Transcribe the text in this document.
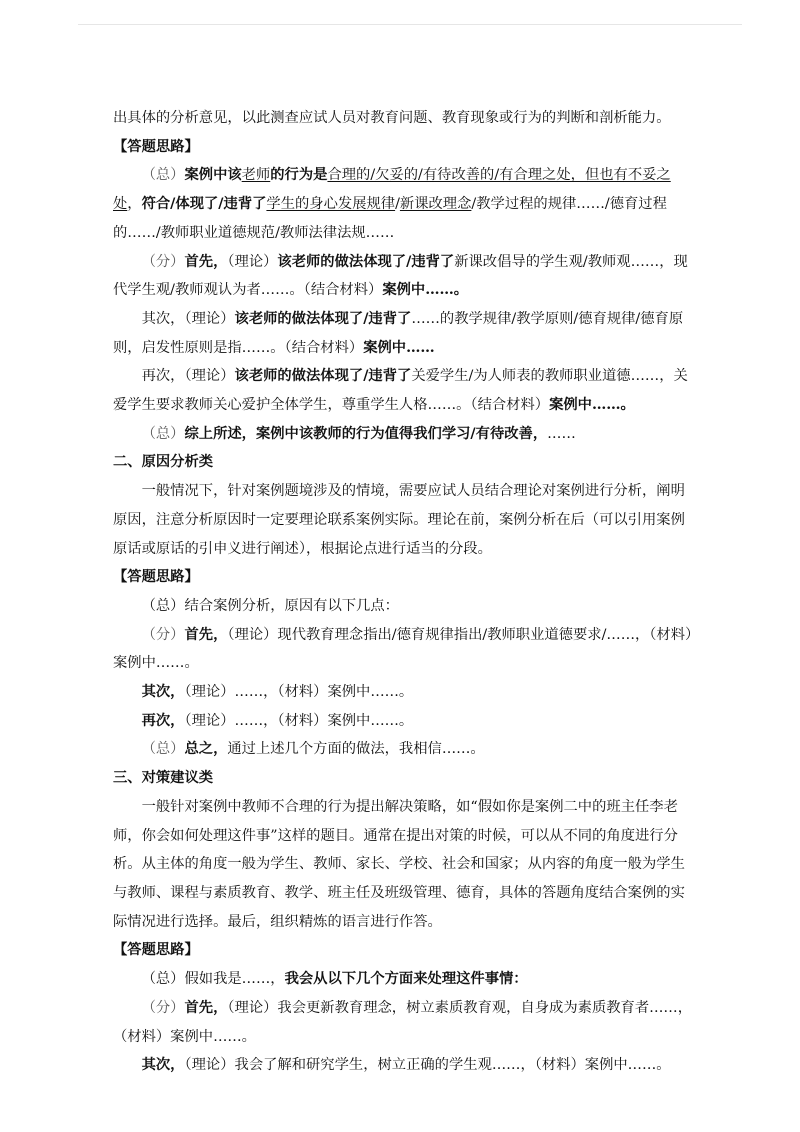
出具体的分析意见，以此测查应试人员对教育问题、教育现象或行为的判断和剖析能力。

【答题思路】

（总）案例中该老师的行为是合理的/欠妥的/有待改善的/有合理之处，但也有不妥之处，符合/体现了/违背了学生的身心发展规律/新课改理念/教学过程的规律……/德育过程的……/教师职业道德规范/教师法律法规……

（分）首先，（理论）该老师的做法体现了/违背了新课改倡导的学生观/教师观……，现代学生观/教师观认为者……。（结合材料）案例中……。

其次，（理论）该老师的做法体现了/违背了……的教学规律/教学原则/德育规律/德育原则，启发性原则是指……。（结合材料）案例中……

再次，（理论）该老师的做法体现了/违背了关爱学生/为人师表的教师职业道德……，关爱学生要求教师关心爱护全体学生，尊重学生人格……。（结合材料）案例中……。

（总）综上所述，案例中该教师的行为值得我们学习/有待改善，……

二、原因分析类

一般情况下，针对案例题境涉及的情境，需要应试人员结合理论对案例进行分析，阐明原因，注意分析原因时一定要理论联系案例实际。理论在前，案例分析在后（可以引用案例原话或原话的引申义进行阐述），根据论点进行适当的分段。

【答题思路】

（总）结合案例分析，原因有以下几点：

（分）首先，（理论）现代教育理念指出/德育规律指出/教师职业道德要求/……，（材料）案例中……。

其次，（理论）……，（材料）案例中……。

再次，（理论）……，（材料）案例中……。

（总）总之，通过上述几个方面的做法，我相信……。

三、对策建议类

一般针对案例中教师不合理的行为提出解决策略，如“假如你是案例二中的班主任李老师，你会如何处理这件事”这样的题目。通常在提出对策的时候，可以从不同的角度进行分析。从主体的角度一般为学生、教师、家长、学校、社会和国家；从内容的角度一般为学生与教师、课程与素质教育、教学、班主任及班级管理、德育，具体的答题角度结合案例的实际情况进行选择。最后，组织精炼的语言进行作答。

【答题思路】

（总）假如我是……，我会从以下几个方面来处理这件事情：

（分）首先，（理论）我会更新教育理念，树立素质教育观，自身成为素质教育者……，（材料）案例中……。

其次，（理论）我会了解和研究学生，树立正确的学生观……，（材料）案例中……。
